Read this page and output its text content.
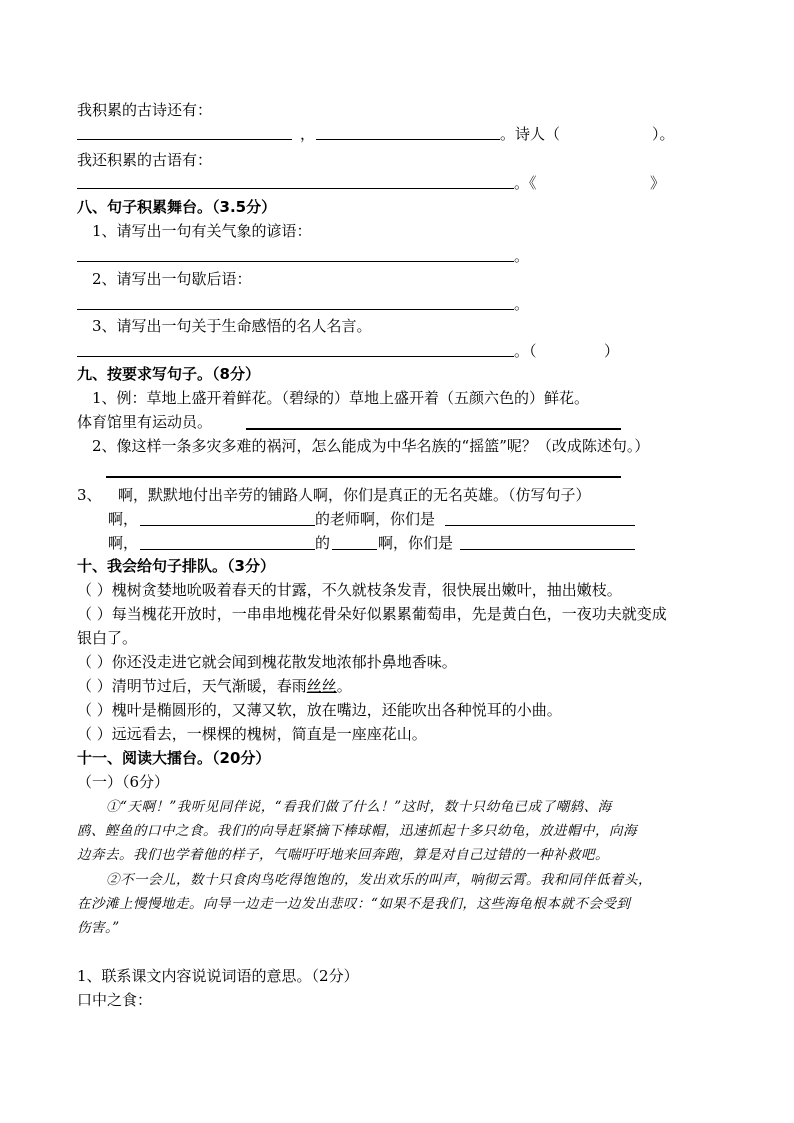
我积累的古诗还有：
，	。诗人（	）。
我还积累的古语有：
。《	》
八、句子积累舞台。（3.5分）
1、请写出一句有关气象的谚语：
。
2、请写出一句歇后语：
。
3、请写出一句关于生命感悟的名人名言。
。（	）
九、按要求写句子。（8分）
1、例：草地上盛开着鲜花。（碧绿的）草地上盛开着（五颜六色的）鲜花。
体育馆里有运动员。
2、像这样一条多灾多难的祸河，怎么能成为中华名族的“摇篮”呢？（改成陈述句。）
3、 啊，默默地付出辛劳的铺路人啊，你们是真正的无名英雄。（仿写句子）
啊，	的老师啊，你们是
啊，	的	啊，你们是
十、我会给句子排队。（3分）
（ ）槐树贪婪地吮吸着春天的甘露，不久就枝条发青，很快展出嫩叶，抽出嫩枝。
（ ）每当槐花开放时，一串串地槐花骨朵好似累累葡萄串，先是黄白色，一夜功夫就变成
银白了。
（ ）你还没走进它就会闻到槐花散发地浓郁扑鼻地香味。
（ ）清明节过后，天气渐暖，春雨丝丝。
（ ）槐叶是椭圆形的，又薄又软，放在嘴边，还能吹出各种悦耳的小曲。
（ ）远远看去，一棵棵的槐树，简直是一座座花山。
十一、阅读大擂台。（20分）
（一）（6分）
①“天啊！”我听见同伴说，“看我们做了什么！”这时，数十只幼龟已成了嘲鸫、海
鸥、鲣鱼的口中之食。我们的向导赶紧摘下棒球帽，迅速抓起十多只幼龟，放进帽中，向海
边奔去。我们也学着他的样子，气喘吁吁地来回奔跑，算是对自己过错的一种补救吧。
②不一会儿，数十只食肉鸟吃得饱饱的，发出欢乐的叫声，响彻云霄。我和同伴低着头，
在沙滩上慢慢地走。向导一边走一边发出悲叹：“如果不是我们，这些海龟根本就不会受到
伤害。”
1、联系课文内容说说词语的意思。（2分）
口中之食：
